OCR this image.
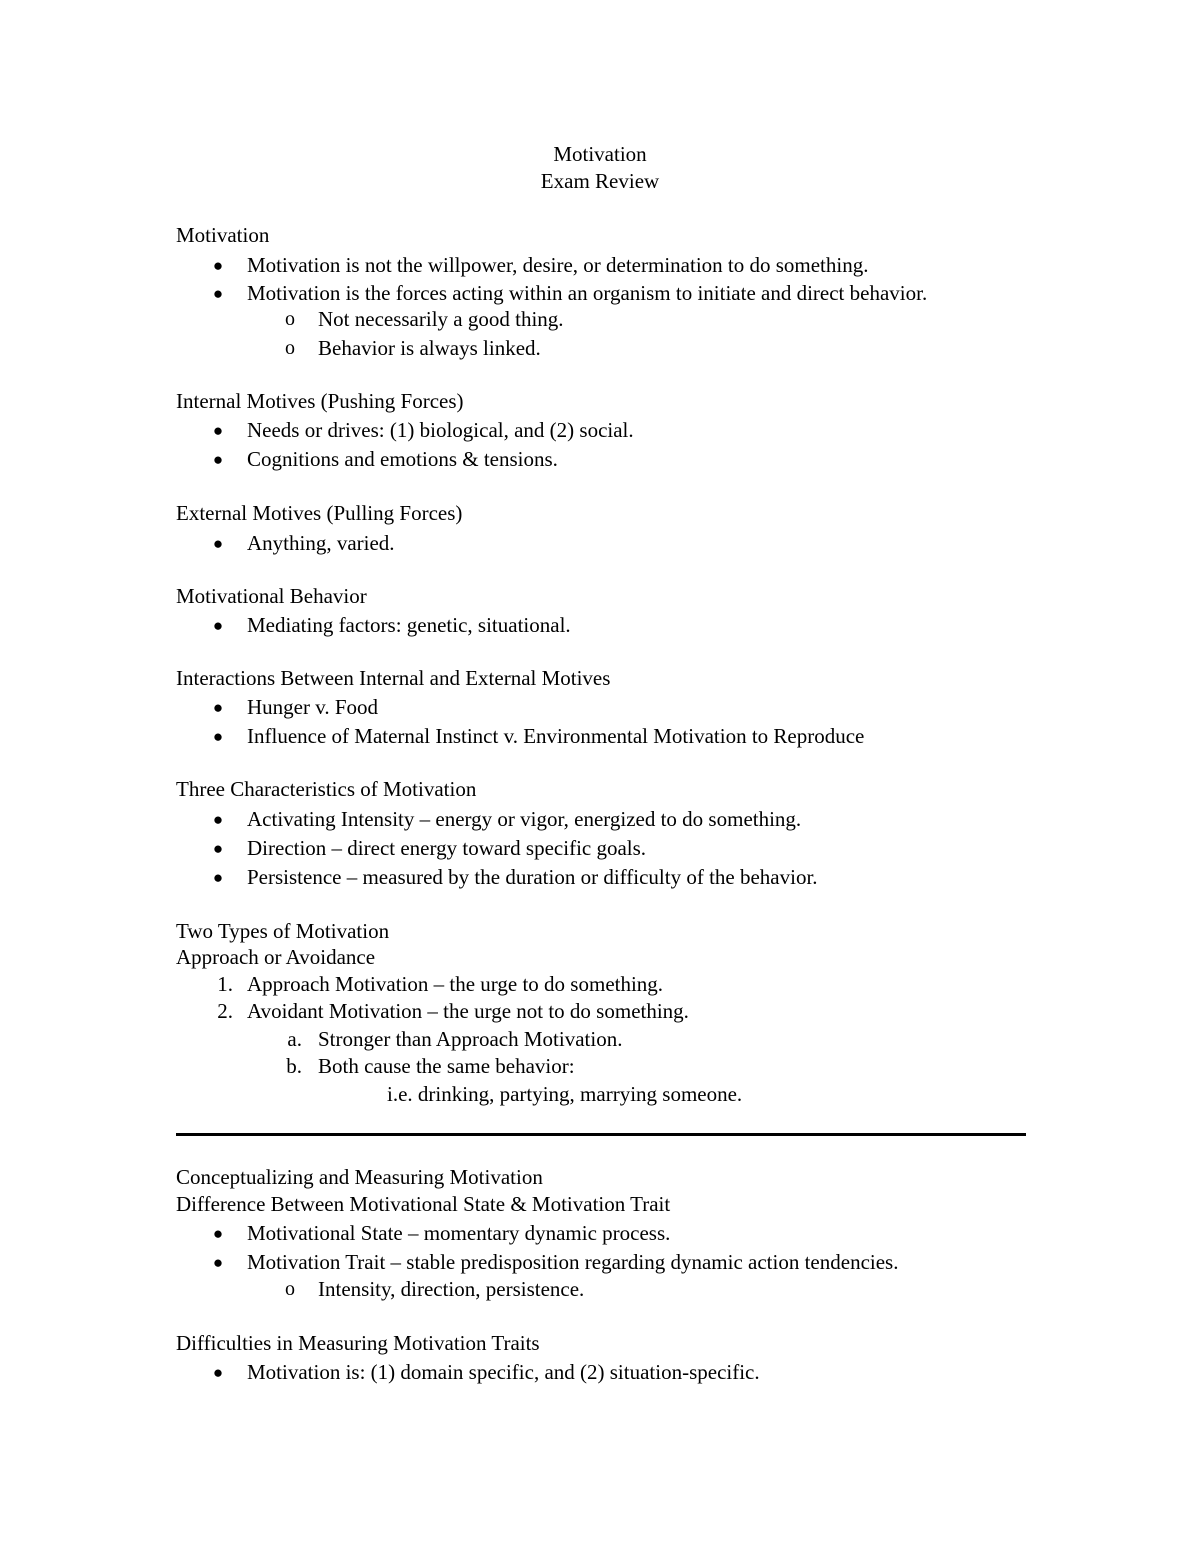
Motivation
Exam Review
Motivation
● Motivation is not the willpower, desire, or determination to do something.
● Motivation is the forces acting within an organism to initiate and direct behavior.
o Not necessarily a good thing.
o Behavior is always linked.
Internal Motives (Pushing Forces)
● Needs or drives: (1) biological, and (2) social.
● Cognitions and emotions & tensions.
External Motives (Pulling Forces)
● Anything, varied.
Motivational Behavior
● Mediating factors: genetic, situational.
Interactions Between Internal and External Motives
● Hunger v. Food
● Influence of Maternal Instinct v. Environmental Motivation to Reproduce
Three Characteristics of Motivation
● Activating Intensity – energy or vigor, energized to do something.
● Direction – direct energy toward specific goals.
● Persistence – measured by the duration or difficulty of the behavior.
Two Types of Motivation
Approach or Avoidance
1. Approach Motivation – the urge to do something.
2. Avoidant Motivation – the urge not to do something.
a. Stronger than Approach Motivation.
b. Both cause the same behavior:
i.e. drinking, partying, marrying someone.
Conceptualizing and Measuring Motivation
Difference Between Motivational State & Motivation Trait
● Motivational State – momentary dynamic process.
● Motivation Trait – stable predisposition regarding dynamic action tendencies.
o Intensity, direction, persistence.
Difficulties in Measuring Motivation Traits
● Motivation is: (1) domain specific, and (2) situation-specific.
